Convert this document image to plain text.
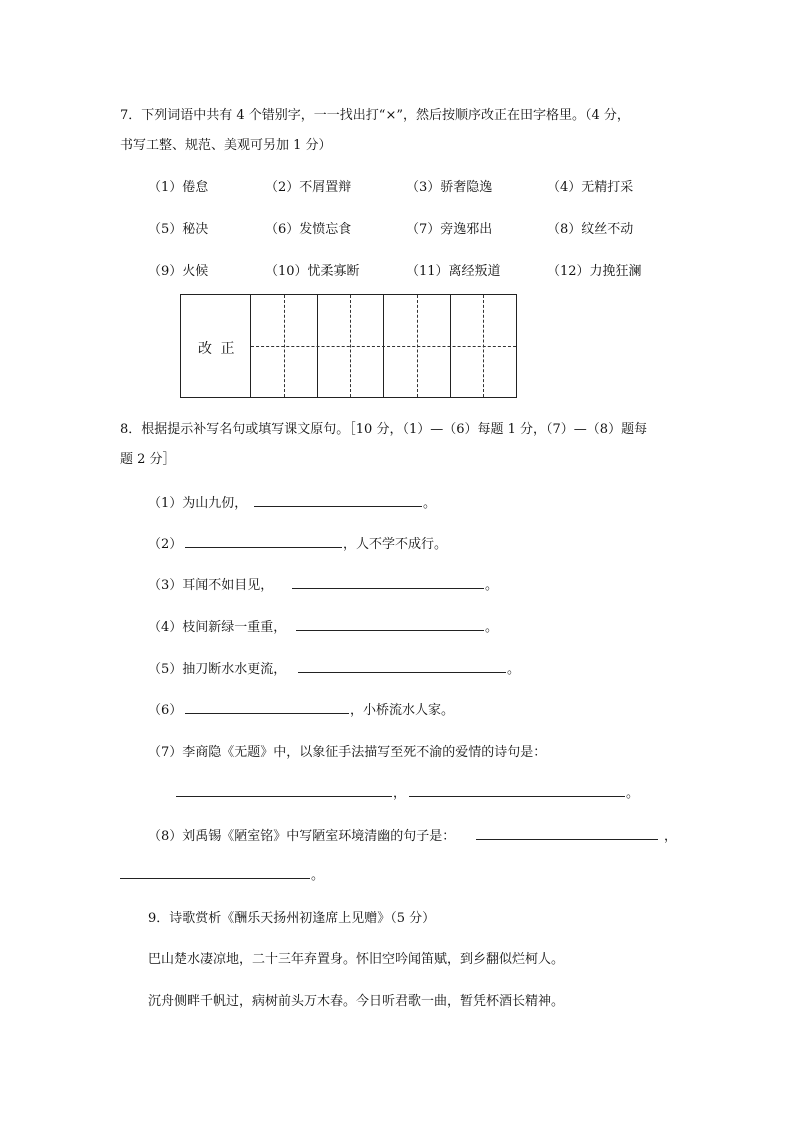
7．下列词语中共有 4 个错别字，一一找出打“×”，然后按顺序改正在田字格里。（4 分，
书写工整、规范、美观可另加 1 分）
（1）倦怠	（2）不屑置辩	（3）骄奢隐逸	（4）无精打采
（5）秘决	（6）发愤忘食	（7）旁逸邪出	（8）纹丝不动
（9）火候	（10）忧柔寡断	（11）离经叛道	（12）力挽狂澜
改 正
8．根据提示补写名句或填写课文原句。［10 分，（1）—（6）每题 1 分，（7）—（8）题每
题 2 分］
（1）为山九仞，	。
（2）	，人不学不成行。
（3）耳闻不如目见，	。
（4）枝间新绿一重重，	。
（5）抽刀断水水更流，	。
（6）	，小桥流水人家。
（7）李商隐《无题》中，以象征手法描写至死不渝的爱情的诗句是：
，	。
（8）刘禹锡《陋室铭》中写陋室环境清幽的句子是：	，
。
9．诗歌赏析《酬乐天扬州初逢席上见赠》（5 分）
巴山楚水凄凉地，二十三年弃置身。怀旧空吟闻笛赋，到乡翻似烂柯人。
沉舟侧畔千帆过，病树前头万木春。今日听君歌一曲，暂凭杯酒长精神。
